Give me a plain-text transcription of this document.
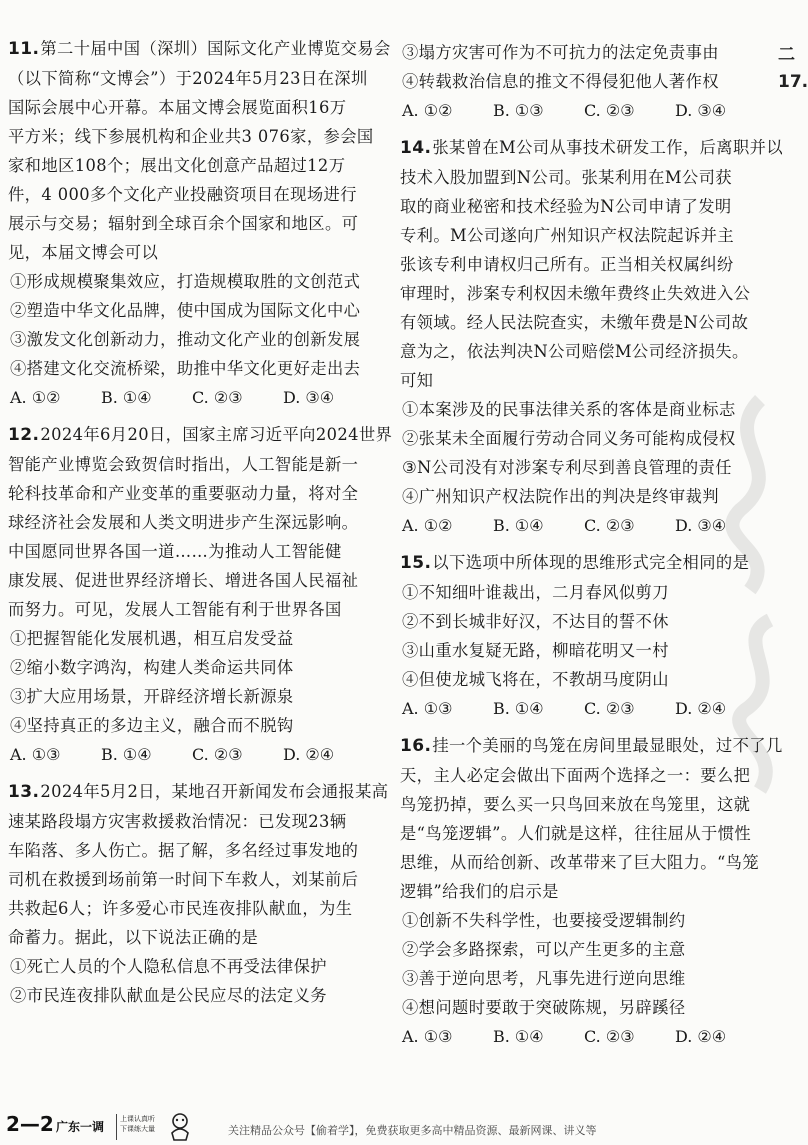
11.第二十届中国（深圳）国际文化产业博览交易会

（以下简称“文博会”）于2024年5月23日在深圳

国际会展中心开幕。本届文博会展览面积16万

平方米；线下参展机构和企业共3 076家，参会国

家和地区108个；展出文化创意产品超过12万

件，4 000多个文化产业投融资项目在现场进行

展示与交易；辐射到全球百余个国家和地区。可

见，本届文博会可以

①形成规模聚集效应，打造规模取胜的文创范式

②塑造中华文化品牌，使中国成为国际文化中心

③激发文化创新动力，推动文化产业的创新发展

④搭建文化交流桥梁，助推中华文化更好走出去

A. ①②	B. ①④	C. ②③	D. ③④

12.2024年6月20日，国家主席习近平向2024世界

智能产业博览会致贺信时指出，人工智能是新一

轮科技革命和产业变革的重要驱动力量，将对全

球经济社会发展和人类文明进步产生深远影响。

中国愿同世界各国一道……为推动人工智能健

康发展、促进世界经济增长、增进各国人民福祉

而努力。可见，发展人工智能有利于世界各国

①把握智能化发展机遇，相互启发受益

②缩小数字鸿沟，构建人类命运共同体

③扩大应用场景，开辟经济增长新源泉

④坚持真正的多边主义，融合而不脱钩

A. ①③	B. ①④	C. ②③	D. ②④

13.2024年5月2日，某地召开新闻发布会通报某高

速某路段塌方灾害救援救治情况：已发现23辆

车陷落、多人伤亡。据了解，多名经过事发地的

司机在救援到场前第一时间下车救人，刘某前后

共救起6人；许多爱心市民连夜排队献血，为生

命蓄力。据此，以下说法正确的是

①死亡人员的个人隐私信息不再受法律保护

②市民连夜排队献血是公民应尽的法定义务

③塌方灾害可作为不可抗力的法定免责事由

④转载救治信息的推文不得侵犯他人著作权

A. ①②	B. ①③	C. ②③	D. ③④

14.张某曾在M公司从事技术研发工作，后离职并以

技术入股加盟到N公司。张某利用在M公司获

取的商业秘密和技术经验为N公司申请了发明

专利。M公司遂向广州知识产权法院起诉并主

张该专利申请权归己所有。正当相关权属纠纷

审理时，涉案专利权因未缴年费终止失效进入公

有领域。经人民法院查实，未缴年费是N公司故

意为之，依法判决N公司赔偿M公司经济损失。

可知

①本案涉及的民事法律关系的客体是商业标志

②张某未全面履行劳动合同义务可能构成侵权

③N公司没有对涉案专利尽到善良管理的责任

④广州知识产权法院作出的判决是终审裁判

A. ①②	B. ①④	C. ②③	D. ③④

15.以下选项中所体现的思维形式完全相同的是

①不知细叶谁裁出，二月春风似剪刀

②不到长城非好汉，不达目的誓不休

③山重水复疑无路，柳暗花明又一村

④但使龙城飞将在，不教胡马度阴山

A. ①③	B. ①④	C. ②③	D. ②④

16.挂一个美丽的鸟笼在房间里最显眼处，过不了几

天，主人必定会做出下面两个选择之一：要么把

鸟笼扔掉，要么买一只鸟回来放在鸟笼里，这就

是“鸟笼逻辑”。人们就是这样，往往屈从于惯性

思维，从而给创新、改革带来了巨大阻力。“鸟笼

逻辑”给我们的启示是

①创新不失科学性，也要接受逻辑制约

②学会多路探索，可以产生更多的主意

③善于逆向思考，凡事先进行逆向思维

④想问题时要敢于突破陈规，另辟蹊径

A. ①③	B. ①④	C. ②③	D. ②④
二
17.
2—2 广东一调
上课认真听
下课练大量	关注精品公众号【偷着学】，免费获取更多高中精品资源、最新网课、讲义等
